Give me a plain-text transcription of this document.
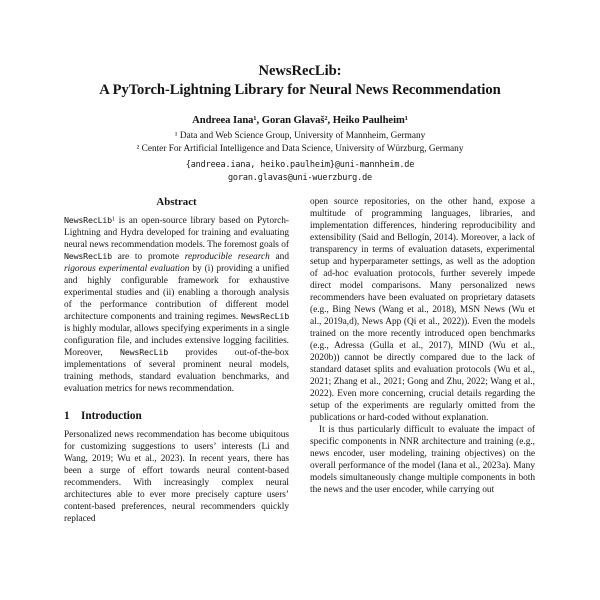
NewsRecLib:
A PyTorch-Lightning Library for Neural News Recommendation
Andreea Iana¹, Goran Glavaš², Heiko Paulheim¹
¹ Data and Web Science Group, University of Mannheim, Germany
² Center For Artificial Intelligence and Data Science, University of Würzburg, Germany
{andreea.iana, heiko.paulheim}@uni-mannheim.de
goran.glavas@uni-wuerzburg.de
Abstract

NewsRecLib$^1$ is an open-source library based on Pytorch-Lightning and Hydra developed for training and evaluating neural news recommendation models. The foremost goals of NewsRecLib are to promote reproducible research and rigorous experimental evaluation by (i) providing a unified and highly configurable framework for exhaustive experimental studies and (ii) enabling a thorough analysis of the performance contribution of different model architecture components and training regimes. NewsRecLib is highly modular, allows specifying experiments in a single configuration file, and includes extensive logging facilities. Moreover, NewsRecLib provides out-of-the-box implementations of several prominent neural models, training methods, standard evaluation benchmarks, and evaluation metrics for news recommendation.

1 Introduction

Personalized news recommendation has become ubiquitous for customizing suggestions to users’ interests (Li and Wang, 2019; Wu et al., 2023). In recent years, there has been a surge of effort towards neural content-based recommenders. With increasingly complex neural architectures able to ever more precisely capture users’ content-based preferences, neural recommenders quickly replaced

open source repositories, on the other hand, expose a multitude of programming languages, libraries, and implementation differences, hindering reproducibility and extensibility (Said and Bellogín, 2014). Moreover, a lack of transparency in terms of evaluation datasets, experimental setup and hyperparameter settings, as well as the adoption of ad-hoc evaluation protocols, further severely impede direct model comparisons. Many personalized news recommenders have been evaluated on proprietary datasets (e.g., Bing News (Wang et al., 2018), MSN News (Wu et al., 2019a,d), News App (Qi et al., 2022)). Even the models trained on the more recently introduced open benchmarks (e.g., Adressa (Gulla et al., 2017), MIND (Wu et al., 2020b)) cannot be directly compared due to the lack of standard dataset splits and evaluation protocols (Wu et al., 2021; Zhang et al., 2021; Gong and Zhu, 2022; Wang et al., 2022). Even more concerning, crucial details regarding the setup of the experiments are regularly omitted from the publications or hard-coded without explanation.

It is thus particularly difficult to evaluate the impact of specific components in NNR architecture and training (e.g., news encoder, user modeling, training objectives) on the overall performance of the model (Iana et al., 2023a). Many models simultaneously change multiple components in both the news and the user encoder, while carrying out
